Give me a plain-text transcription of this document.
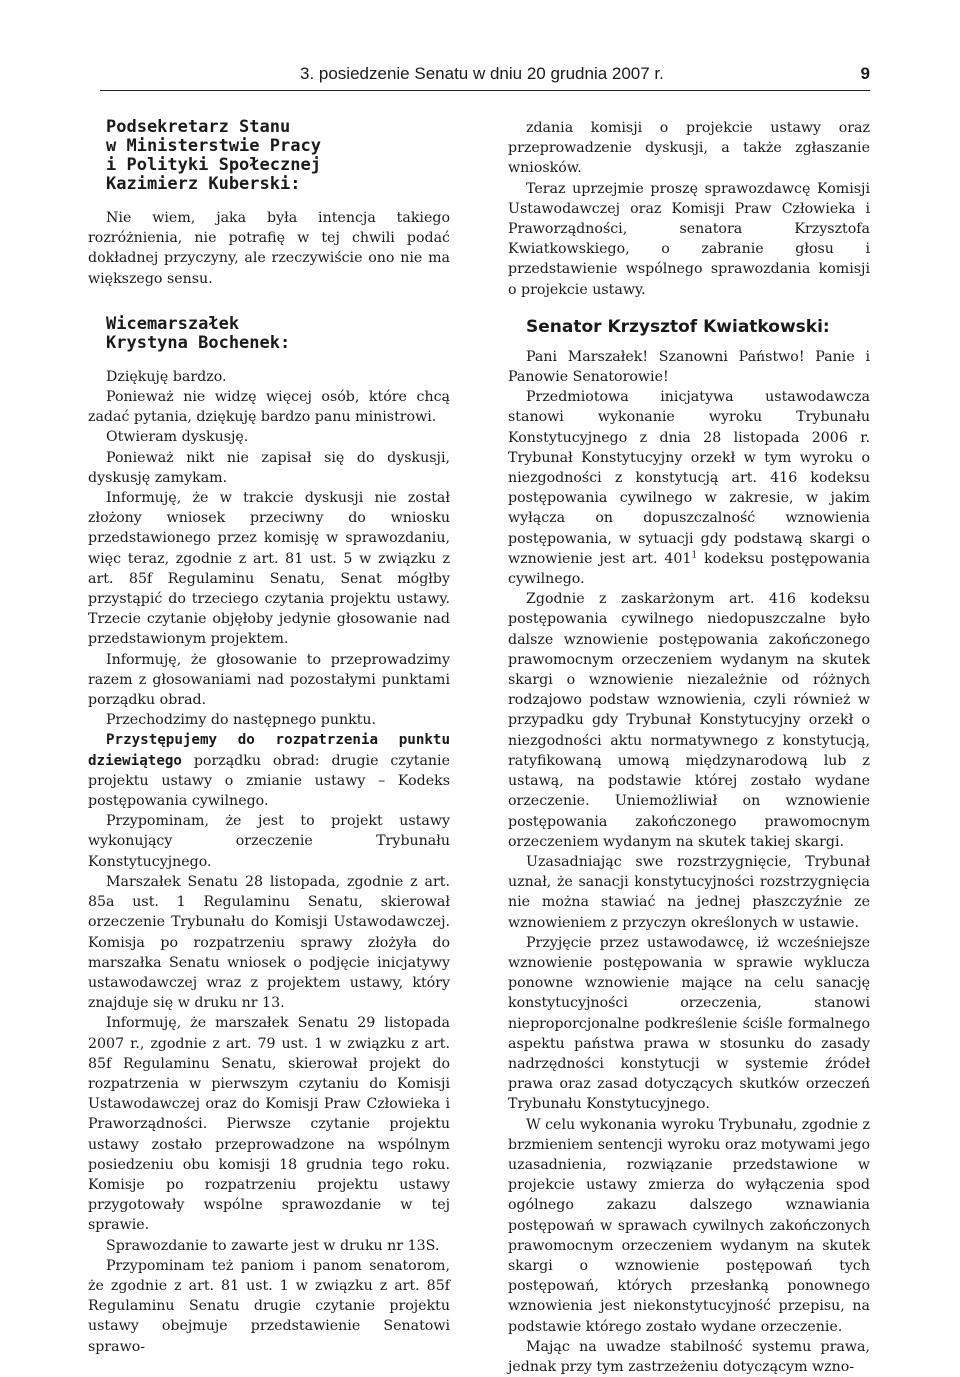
3. posiedzenie Senatu w dniu 20 grudnia 2007 r.	9
Podsekretarz Stanu
w Ministerstwie Pracy
i Polityki Społecznej
Kazimierz Kuberski:

Nie wiem, jaka była intencja takiego rozróżnienia, nie potrafię w tej chwili podać dokładnej przyczyny, ale rzeczywiście ono nie ma większego sensu.

Wicemarszałek
Krystyna Bochenek:

Dziękuję bardzo.

Ponieważ nie widzę więcej osób, które chcą zadać pytania, dziękuję bardzo panu ministrowi.

Otwieram dyskusję.

Ponieważ nikt nie zapisał się do dyskusji, dyskusję zamykam.

Informuję, że w trakcie dyskusji nie został złożony wniosek przeciwny do wniosku przedstawionego przez komisję w sprawozdaniu, więc teraz, zgodnie z art. 81 ust. 5 w związku z art. 85f Regulaminu Senatu, Senat mógłby przystąpić do trzeciego czytania projektu ustawy. Trzecie czytanie objęłoby jedynie głosowanie nad przedstawionym projektem.

Informuję, że głosowanie to przeprowadzimy razem z głosowaniami nad pozostałymi punktami porządku obrad.

Przechodzimy do następnego punktu.

Przystępujemy do rozpatrzenia punktu dziewiątego porządku obrad: drugie czytanie projektu ustawy o zmianie ustawy – Kodeks postępowania cywilnego.

Przypominam, że jest to projekt ustawy wykonujący orzeczenie Trybunału Konstytucyjnego.

Marszałek Senatu 28 listopada, zgodnie z art. 85a ust. 1 Regulaminu Senatu, skierował orzeczenie Trybunału do Komisji Ustawodawczej. Komisja po rozpatrzeniu sprawy złożyła do marszałka Senatu wniosek o podjęcie inicjatywy ustawodawczej wraz z projektem ustawy, który znajduje się w druku nr 13.

Informuję, że marszałek Senatu 29 listopada 2007 r., zgodnie z art. 79 ust. 1 w związku z art. 85f Regulaminu Senatu, skierował projekt do rozpatrzenia w pierwszym czytaniu do Komisji Ustawodawczej oraz do Komisji Praw Człowieka i Praworządności. Pierwsze czytanie projektu ustawy zostało przeprowadzone na wspólnym posiedzeniu obu komisji 18 grudnia tego roku. Komisje po rozpatrzeniu projektu ustawy przygotowały wspólne sprawozdanie w tej sprawie.

Sprawozdanie to zawarte jest w druku nr 13S.

Przypominam też paniom i panom senatorom, że zgodnie z art. 81 ust. 1 w związku z art. 85f Regulaminu Senatu drugie czytanie projektu ustawy obejmuje przedstawienie Senatowi sprawo-

zdania komisji o projekcie ustawy oraz przeprowadzenie dyskusji, a także zgłaszanie wniosków.

Teraz uprzejmie proszę sprawozdawcę Komisji Ustawodawczej oraz Komisji Praw Człowieka i Praworządności, senatora Krzysztofa Kwiatkowskiego, o zabranie głosu i przedstawienie wspólnego sprawozdania komisji o projekcie ustawy.

Senator Krzysztof Kwiatkowski:

Pani Marszałek! Szanowni Państwo! Panie i Panowie Senatorowie!

Przedmiotowa inicjatywa ustawodawcza stanowi wykonanie wyroku Trybunału Konstytucyjnego z dnia 28 listopada 2006 r. Trybunał Konstytucyjny orzekł w tym wyroku o niezgodności z konstytucją art. 416 kodeksu postępowania cywilnego w zakresie, w jakim wyłącza on dopuszczalność wznowienia postępowania, w sytuacji gdy podstawą skargi o wznowienie jest art. $401^1$ kodeksu postępowania cywilnego.

Zgodnie z zaskarżonym art. 416 kodeksu postępowania cywilnego niedopuszczalne było dalsze wznowienie postępowania zakończonego prawomocnym orzeczeniem wydanym na skutek skargi o wznowienie niezależnie od różnych rodzajowo podstaw wznowienia, czyli również w przypadku gdy Trybunał Konstytucyjny orzekł o niezgodności aktu normatywnego z konstytucją, ratyfikowaną umową międzynarodową lub z ustawą, na podstawie której zostało wydane orzeczenie. Uniemożliwiał on wznowienie postępowania zakończonego prawomocnym orzeczeniem wydanym na skutek takiej skargi.

Uzasadniając swe rozstrzygnięcie, Trybunał uznał, że sanacji konstytucyjności rozstrzygnięcia nie można stawiać na jednej płaszczyźnie ze wznowieniem z przyczyn określonych w ustawie.

Przyjęcie przez ustawodawcę, iż wcześniejsze wznowienie postępowania w sprawie wyklucza ponowne wznowienie mające na celu sanację konstytucyjności orzeczenia, stanowi nieproporcjonalne podkreślenie ściśle formalnego aspektu państwa prawa w stosunku do zasady nadrzędności konstytucji w systemie źródeł prawa oraz zasad dotyczących skutków orzeczeń Trybunału Konstytucyjnego.

W celu wykonania wyroku Trybunału, zgodnie z brzmieniem sentencji wyroku oraz motywami jego uzasadnienia, rozwiązanie przedstawione w projekcie ustawy zmierza do wyłączenia spod ogólnego zakazu dalszego wznawiania postępowań w sprawach cywilnych zakończonych prawomocnym orzeczeniem wydanym na skutek skargi o wznowienie postępowań tych postępowań, których przesłanką ponownego wznowienia jest niekonstytucyjność przepisu, na podstawie którego zostało wydane orzeczenie.

Mając na uwadze stabilność systemu prawa, jednak przy tym zastrzeżeniu dotyczącym wzno-
